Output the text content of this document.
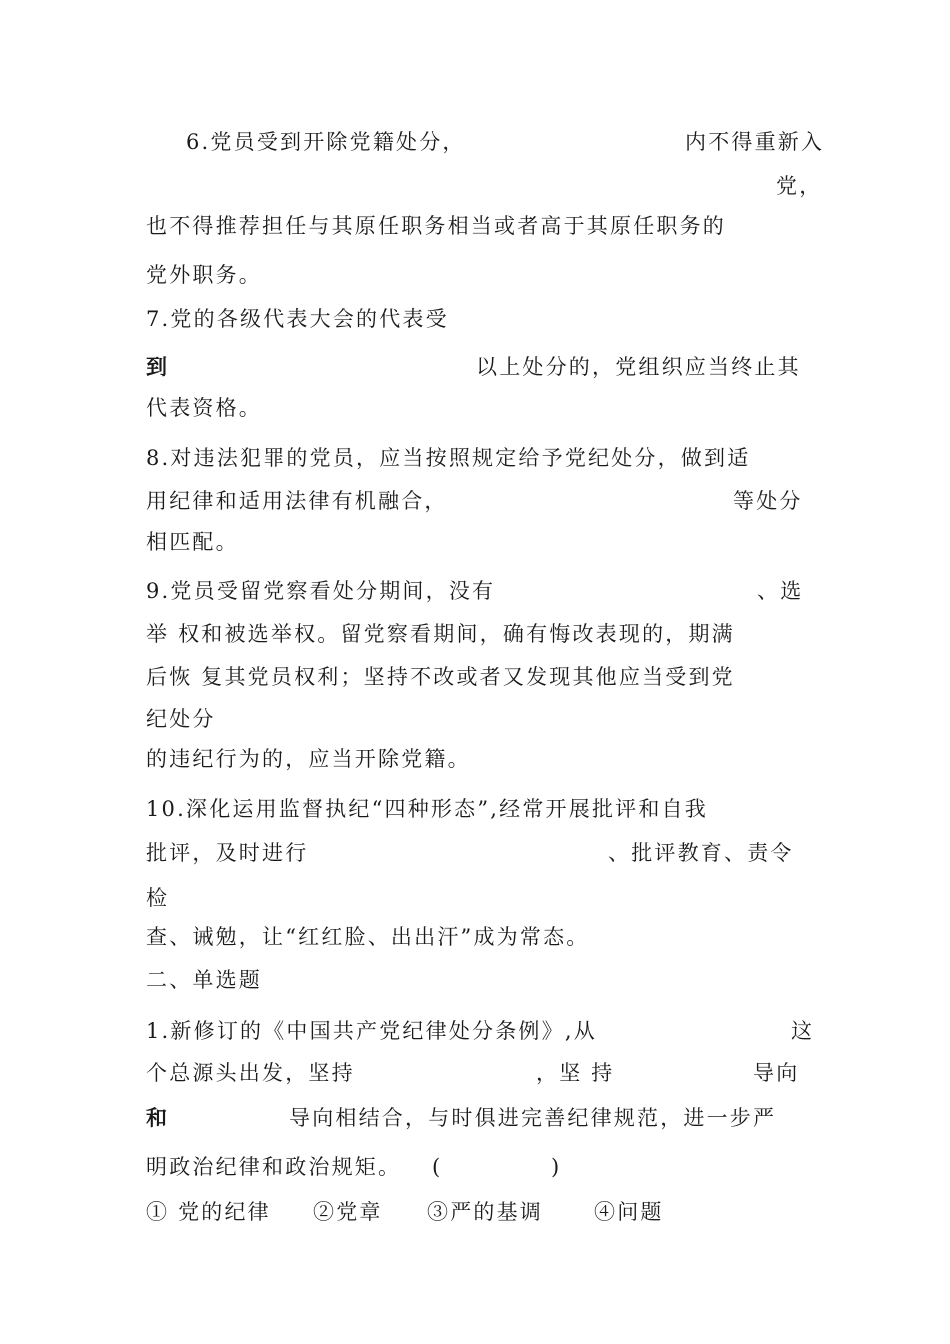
6.党员受到开除党籍处分，	内不得重新入
党，
也不得推荐担任与其原任职务相当或者高于其原任职务的
党外职务。
7.党的各级代表大会的代表受
到	以上处分的，党组织应当终止其
代表资格。
8.对违法犯罪的党员，应当按照规定给予党纪处分，做到适
用纪律和适用法律有机融合，	等处分
相匹配。
9.党员受留党察看处分期间，没有	、选
举 权和被选举权。留党察看期间，确有悔改表现的，期满
后恢 复其党员权利；坚持不改或者又发现其他应当受到党
纪处分
的违纪行为的，应当开除党籍。
10.深化运用监督执纪“四种形态”,经常开展批评和自我
批评，及时进行	、批评教育、责令
检
查、诫勉，让“红红脸、出出汗”成为常态。
二、单选题
1.新修订的《中国共产党纪律处分条例》,从	这
个总源头出发，坚持	，坚 持	导向
和	导向相结合，与时俱进完善纪律规范，进一步严
明政治纪律和政治规矩。 (	)
① 党的纪律 ②党章 ③严的基调 ④问题
